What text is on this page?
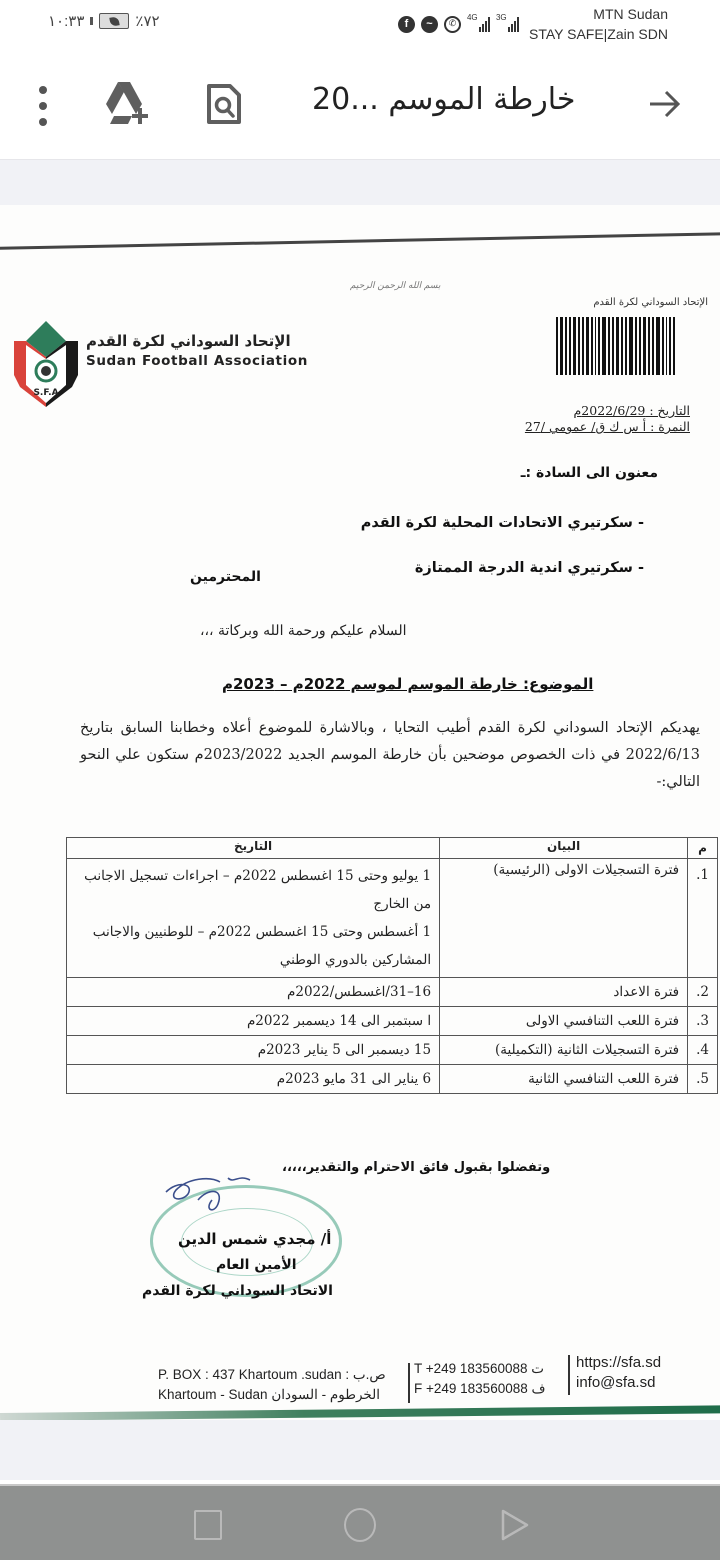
١٠:٣٣	٪٧٢	f	~	✆
4G 3G	MTN Sudan
STAY SAFE|Zain SDN
خارطة الموسم ...20
S.F.A
الإتحاد السوداني لكرة القدم
Sudan Football Association
بسم الله الرحمن الرحيم
الإتحاد السوداني لكرة القدم
التاريخ : 2022/6/29م
النمرة : أ س ك ق/ عمومي /27
معنون الى السادة :ـ
- سكرتيري الاتحادات المحلية لكرة القدم
- سكرتيري اندية الدرجة الممتازة
المحترمين
السلام عليكم ورحمة الله وبركاتة ،،،
الموضوع: خارطة الموسم لموسم 2022م – 2023م
يهديكم الإتحاد السوداني لكرة القدم أطيب التحايا ، وبالاشارة للموضوع أعلاه وخطابنا السابق بتاريخ 2022/6/13 في ذات الخصوص موضحين بأن خارطة الموسم الجديد 2023/2022م ستكون علي النحو التالي:-
م	البيان	التاريخ
1.	فترة التسجيلات الاولى (الرئيسية)	1 يوليو وحتى 15 اغسطس 2022م – اجراءات تسجيل الاجانب من الخارج
1 أغسطس وحتى 15 اغسطس 2022م – للوطنيين والاجانب المشاركين بالدوري الوطني

2.	فترة الاعداد	16–31/اغسطس/2022م
3.	فترة اللعب التنافسي الاولى	ا سبتمبر الى 14 ديسمبر 2022م
4.	فترة التسجيلات الثانية (التكميلية)	15 ديسمبر الى 5 يناير 2023م
5.	فترة اللعب التنافسي الثانية	6 يناير الى 31 مايو 2023م
وتفضلوا بقبول فائق الاحترام والتقدير،،،،،
أ/ مجدي شمس الدين
الأمين العام
الاتحاد السوداني لكرة القدم
P. BOX : 437 Khartoum .sudan : ص.ب
Khartoum - Sudan الخرطوم - السودان
T +249 183560088 ت
F +249 183560088 ف
https://sfa.sd
info@sfa.sd
